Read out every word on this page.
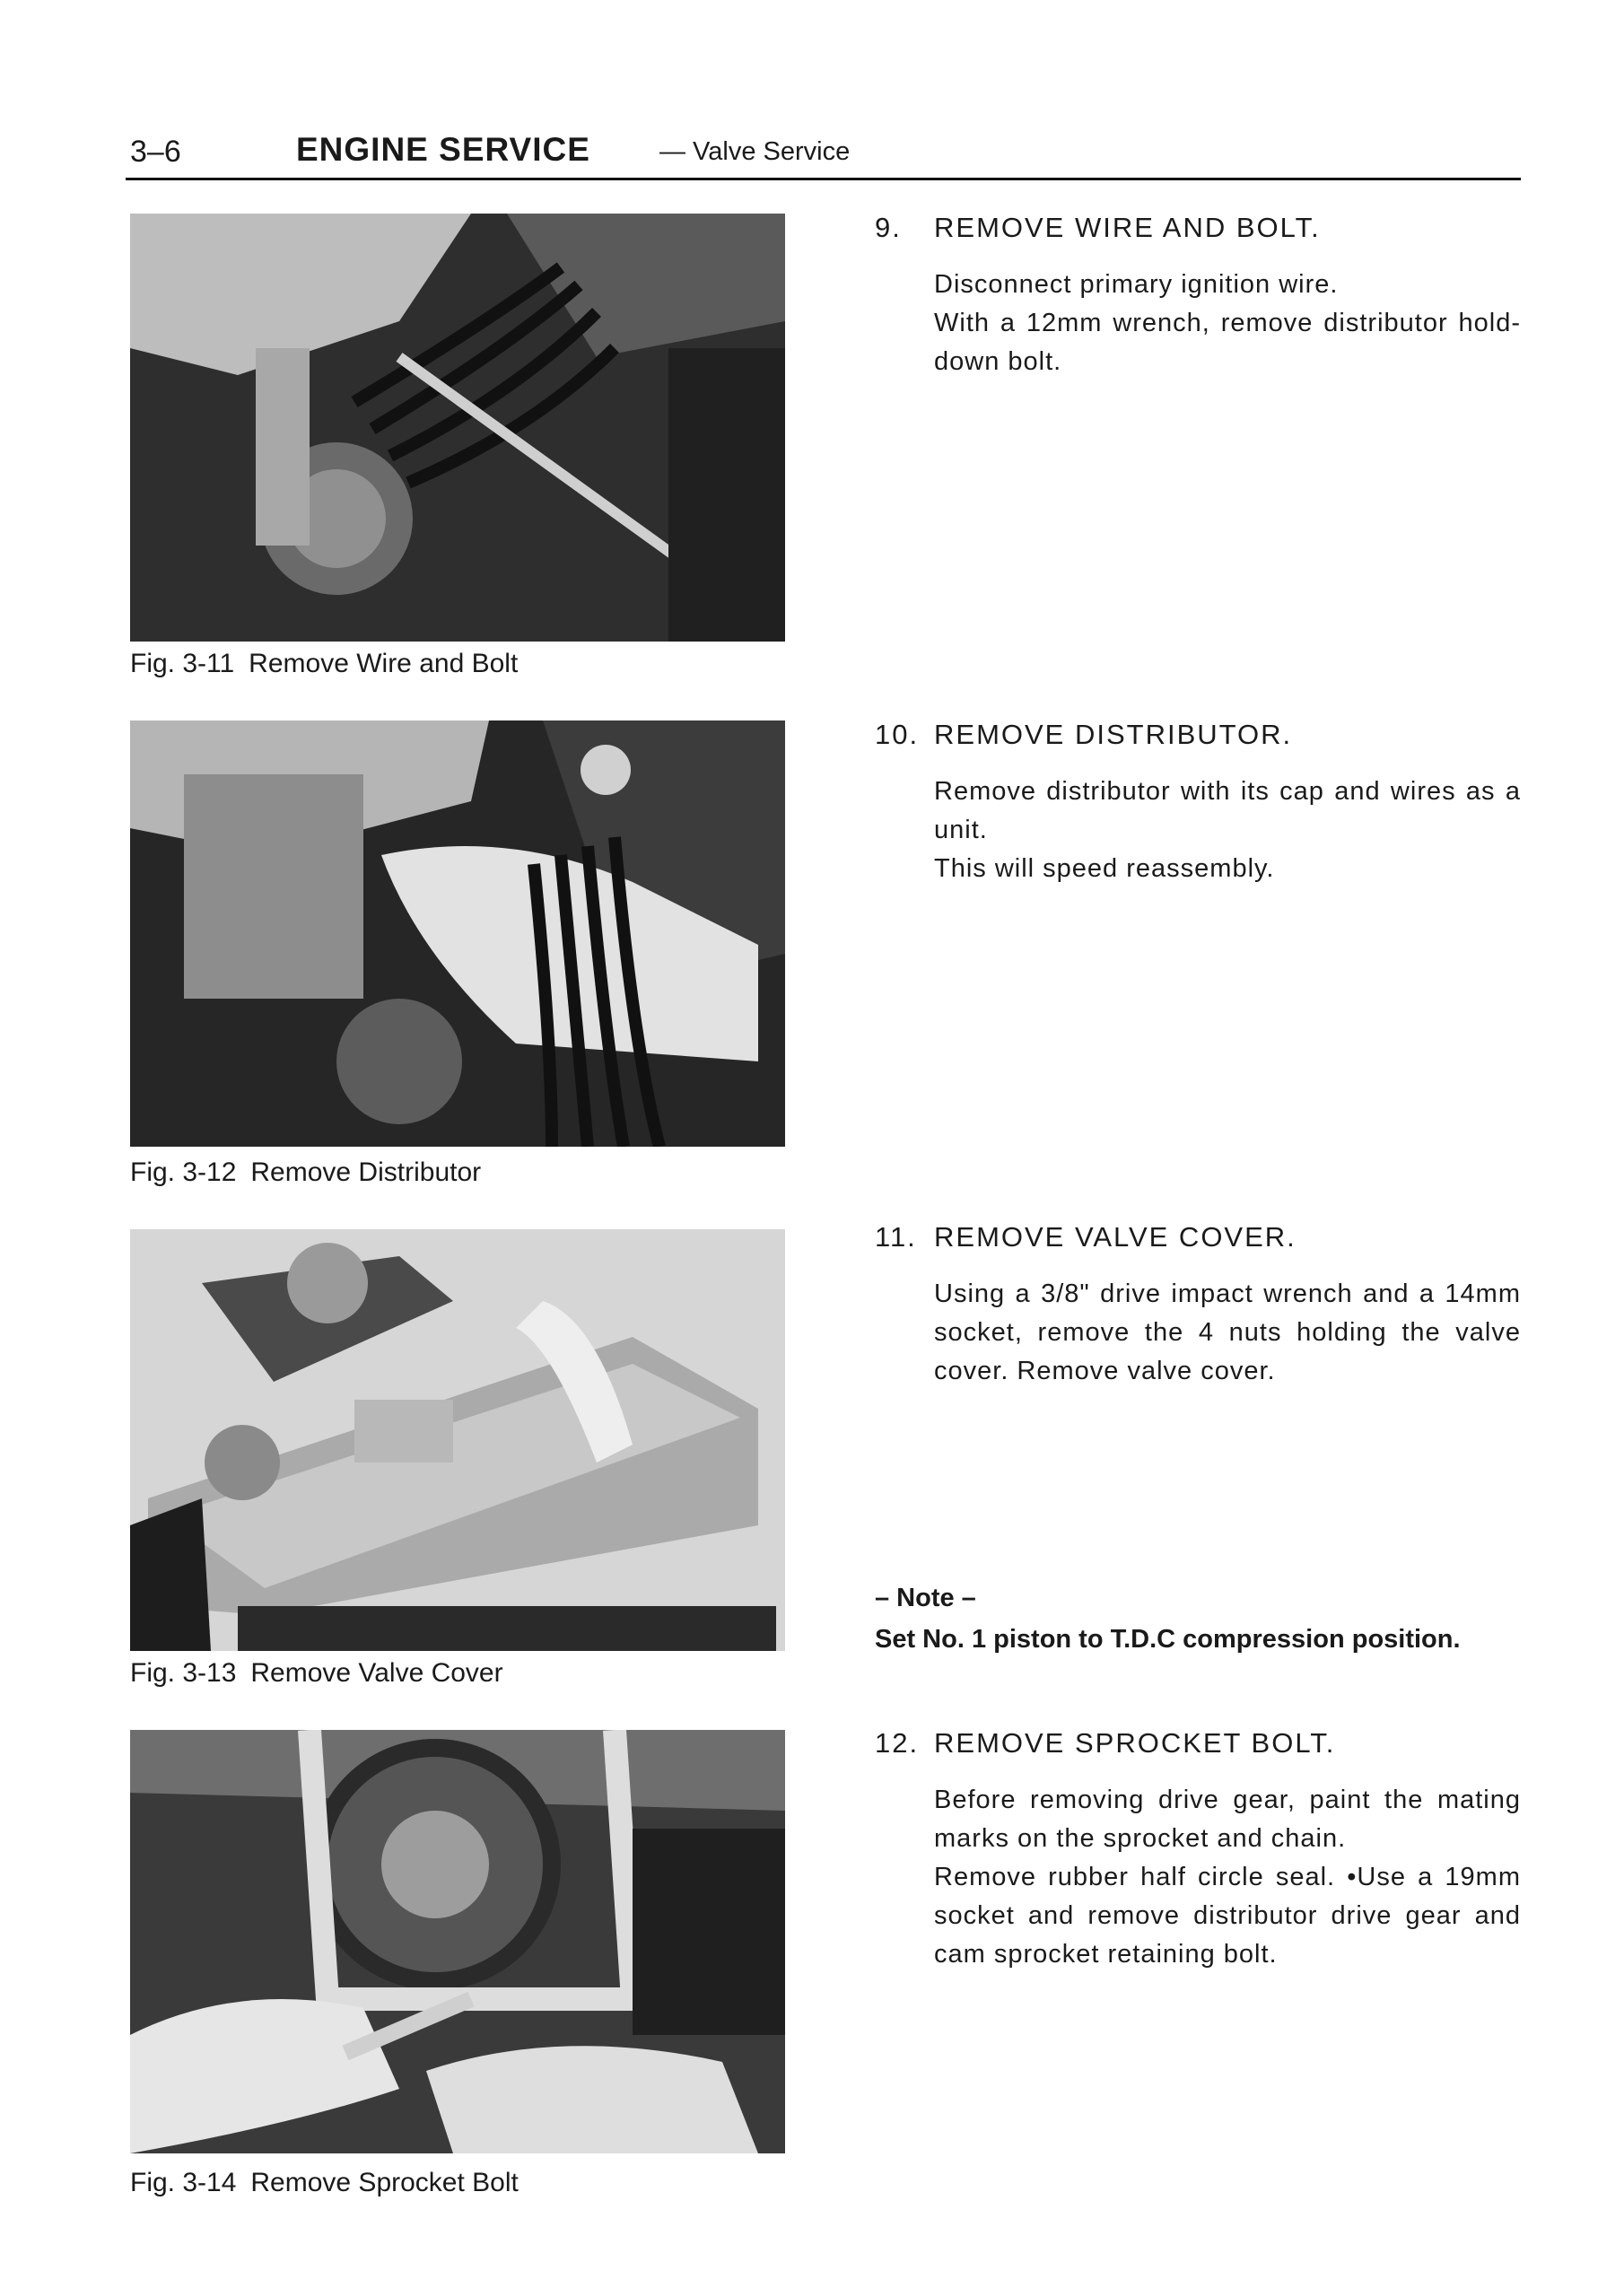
3–6	ENGINE SERVICE	— Valve Service
Fig. 3-11 Remove Wire and Bolt
9. REMOVE WIRE AND BOLT.

Disconnect primary ignition wire.

With a 12mm wrench, remove distributor hold-down bolt.

Fig. 3-12 Remove Distributor
10. REMOVE DISTRIBUTOR.

Remove distributor with its cap and wires as a unit.

This will speed reassembly.

Fig. 3-13 Remove Valve Cover
11. REMOVE VALVE COVER.

Using a 3/8" drive impact wrench and a 14mm socket, remove the 4 nuts holding the valve cover. Remove valve cover.

– Note –
Set No. 1 piston to T.D.C compression position.
Fig. 3-14 Remove Sprocket Bolt
12. REMOVE SPROCKET BOLT.

Before removing drive gear, paint the mating marks on the sprocket and chain.

Remove rubber half circle seal. •Use a 19mm socket and remove distributor drive gear and cam sprocket retaining bolt.
